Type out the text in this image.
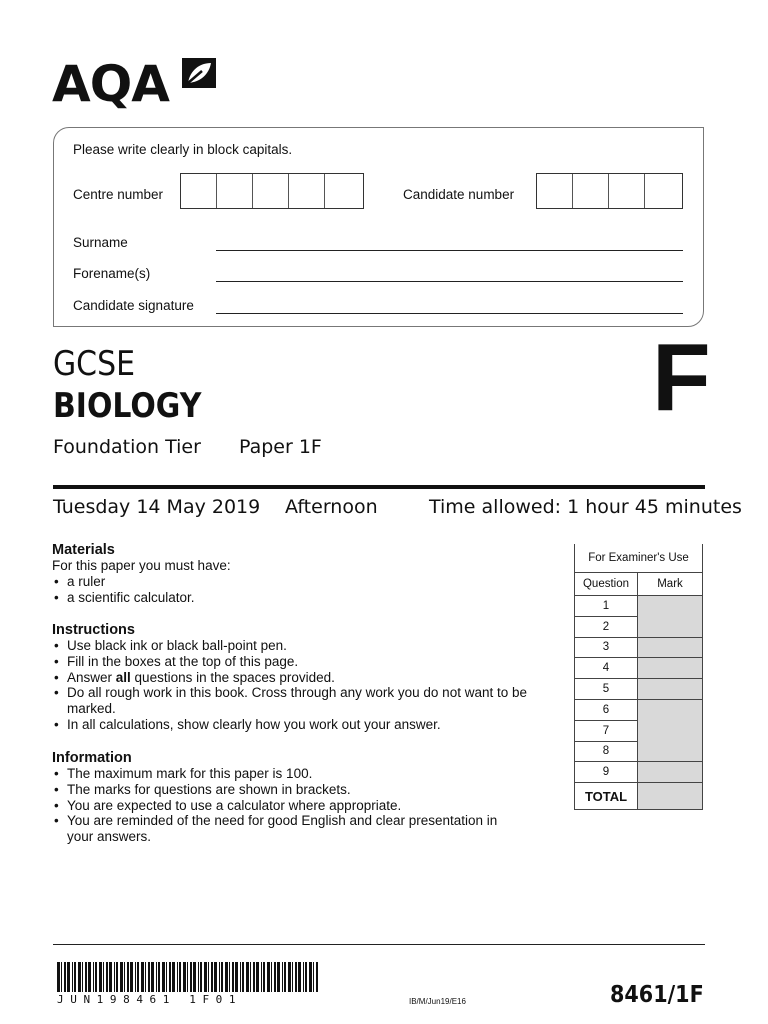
AQA
Please write clearly in block capitals.
Centre number	Candidate number
Surname
Forename(s)
Candidate signature
GCSE
BIOLOGY	F
Foundation Tier Paper 1F
Tuesday 14 May 2019 Afternoon	Time allowed: 1 hour 45 minutes
Materials
For this paper you must have:
• a ruler
• a scientific calculator.
Instructions
• Use black ink or black ball-point pen.
• Fill in the boxes at the top of this page.
• Answer all questions in the spaces provided.
• Do all rough work in this book. Cross through any work you do not want to be marked.
• In all calculations, show clearly how you work out your answer.
Information
• The maximum mark for this paper is 100.
• The marks for questions are shown in brackets.
• You are expected to use a calculator where appropriate.
• You are reminded of the need for good English and clear presentation in your answers.
For Examiner's Use	
Question	Mark
1	
2	
3	
4	
5	
6	
7	
8	
9	
TOTAL	
JUN198461 1F01	IB/M/Jun19/E16	8461/1F
